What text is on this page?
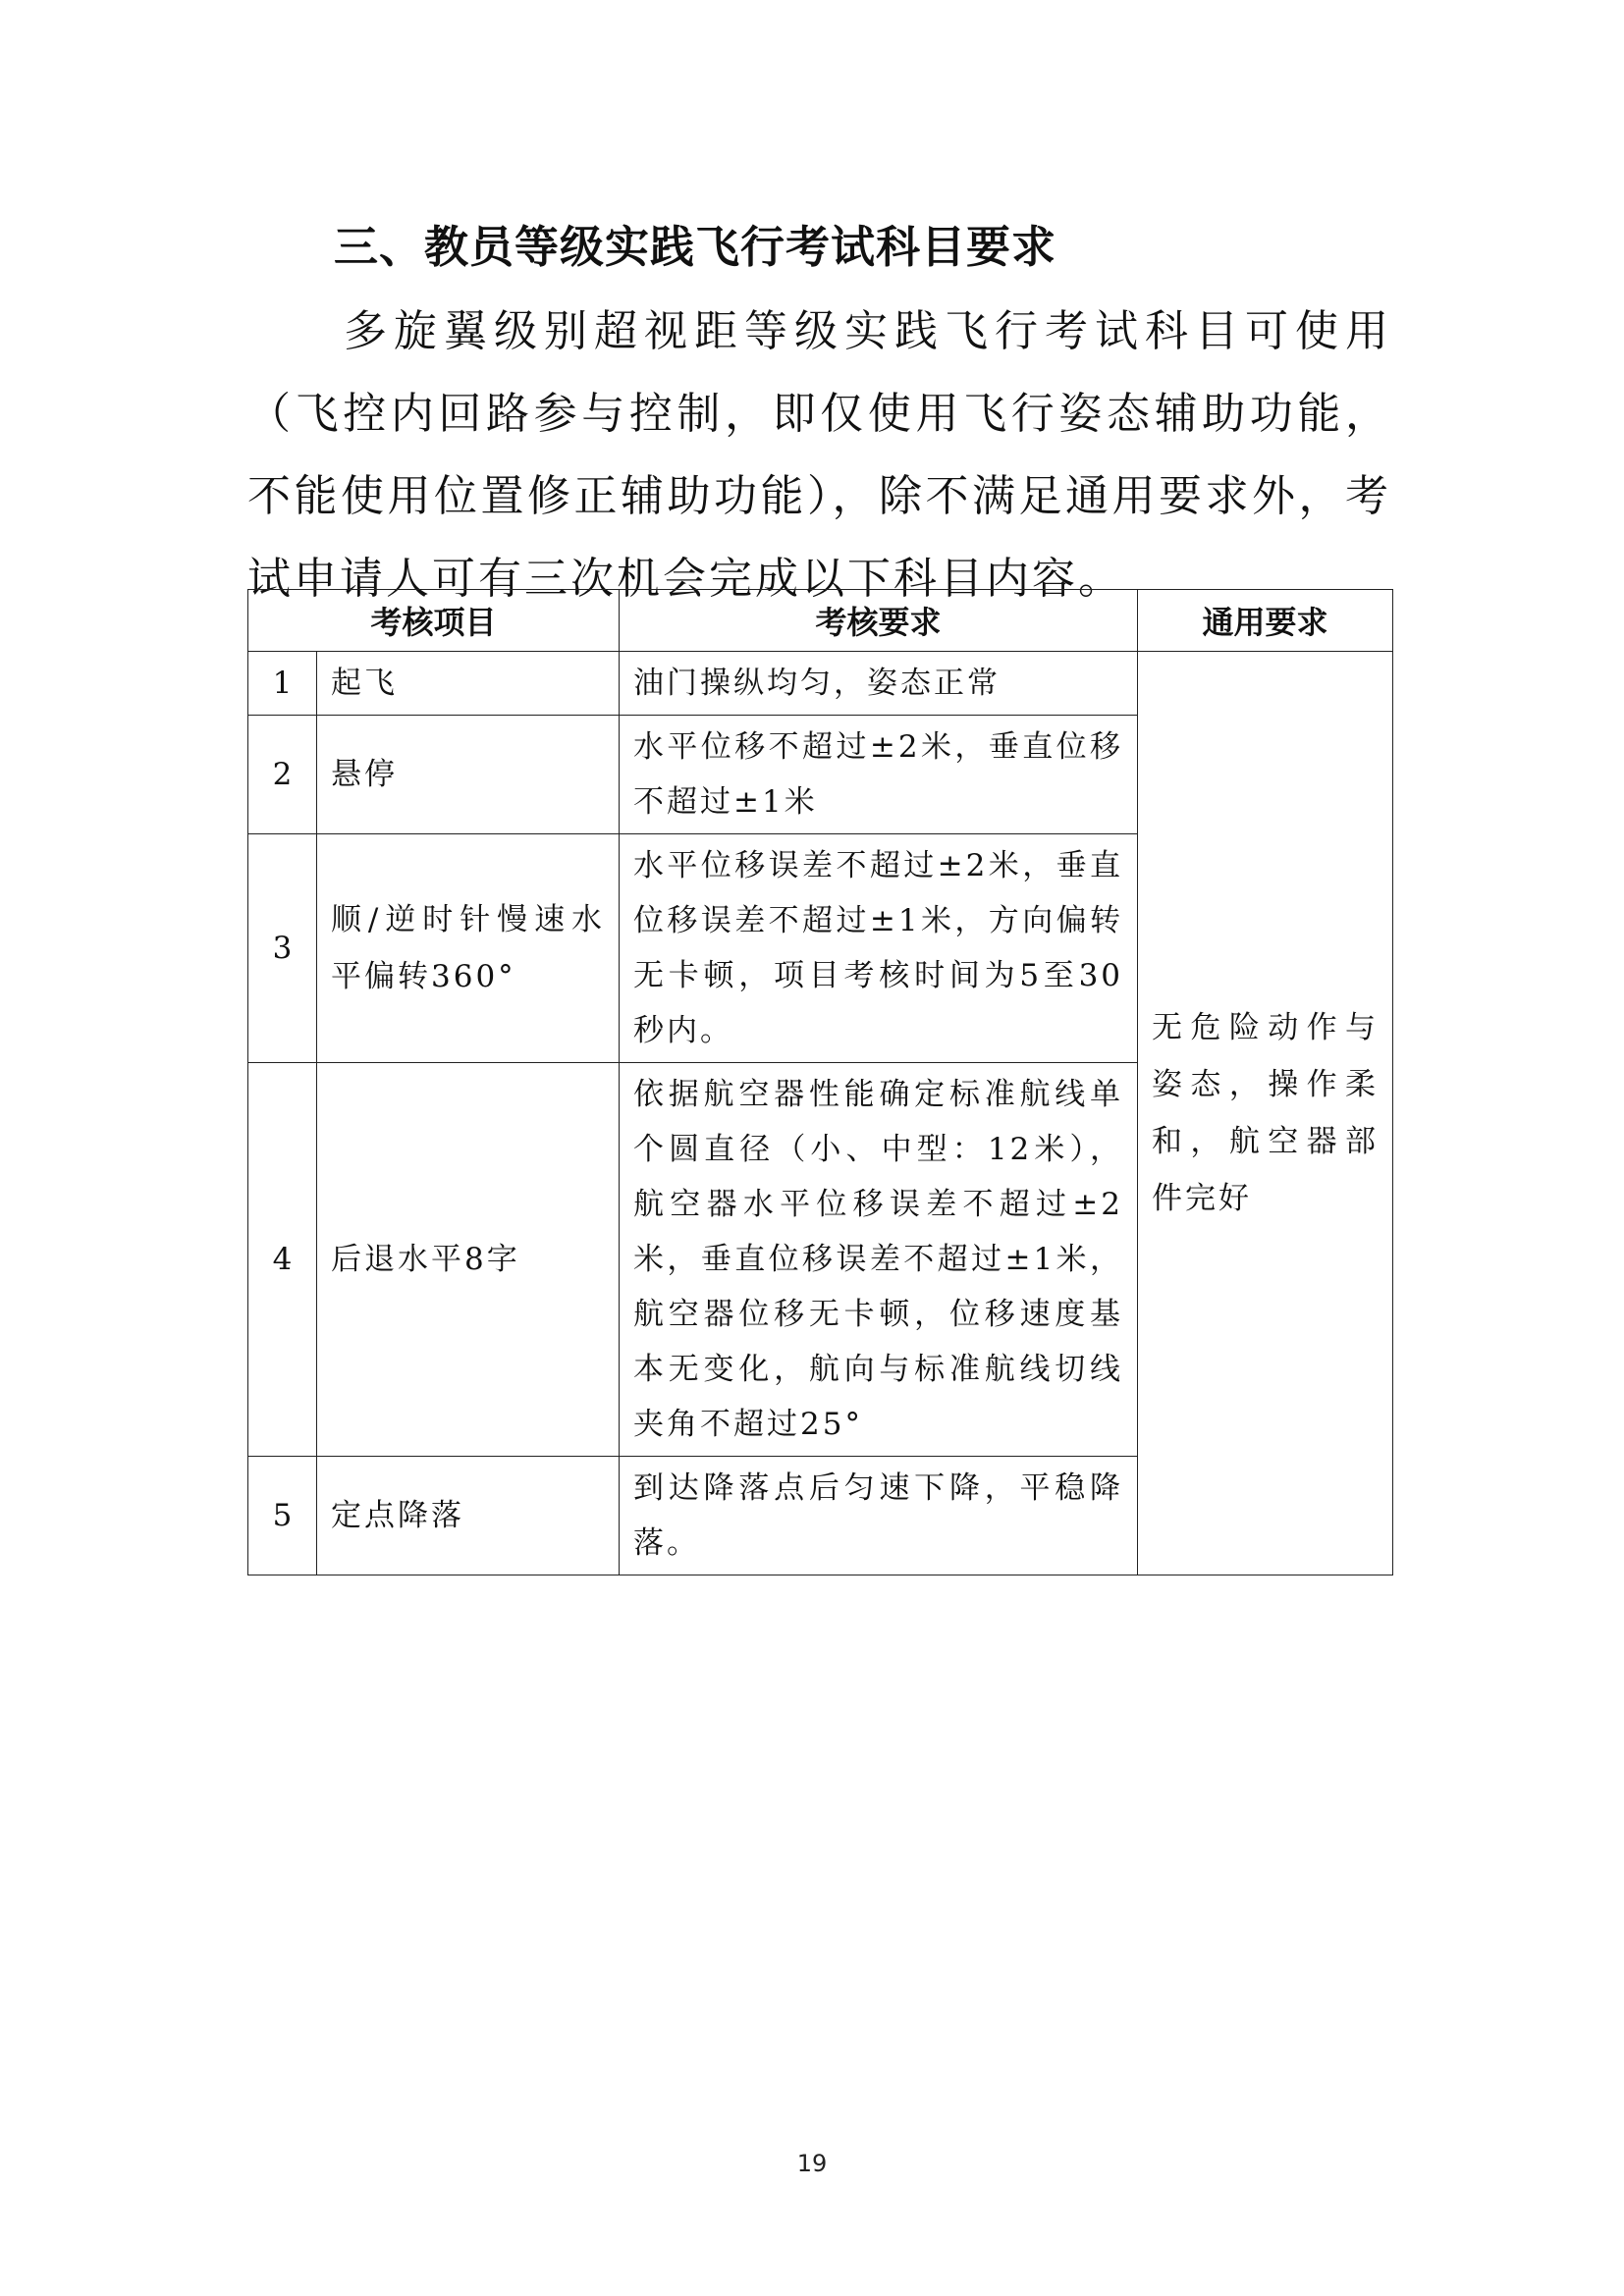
三、教员等级实践飞行考试科目要求

多旋翼级别超视距等级实践飞行考试科目可使用（飞控内回路参与控制，即仅使用飞行姿态辅助功能，不能使用位置修正辅助功能），除不满足通用要求外，考试申请人可有三次机会完成以下科目内容。

考核项目		考核要求	通用要求
1	起飞	油门操纵均匀，姿态正常	无危险动作与姿态，操作柔和，航空器部件完好
2	悬停	水平位移不超过±2米，垂直位移不超过±1米	
3	顺/逆时针慢速水平偏转360°	水平位移误差不超过±2米，垂直位移误差不超过±1米，方向偏转无卡顿，项目考核时间为5至30秒内。	
4	后退水平8字	依据航空器性能确定标准航线单个圆直径（小、中型：12米），航空器水平位移误差不超过±2米，垂直位移误差不超过±1米，航空器位移无卡顿，位移速度基本无变化，航向与标准航线切线夹角不超过25°	
5	定点降落	到达降落点后匀速下降，平稳降落。	
19
